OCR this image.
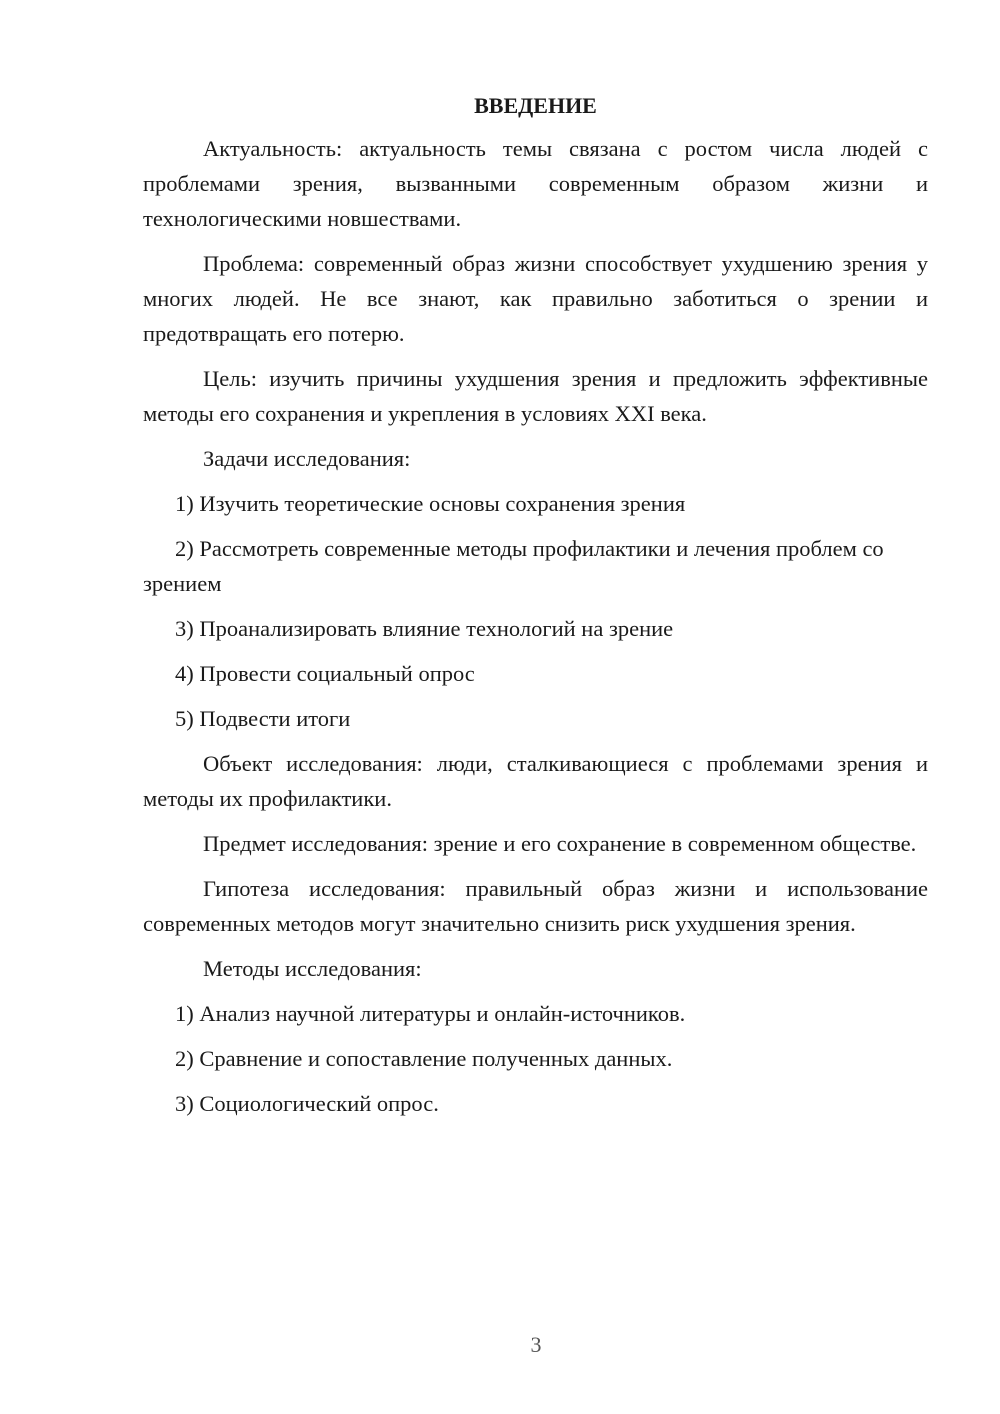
ВВЕДЕНИЕ

Актуальность: актуальность темы связана с ростом числа людей с проблемами зрения, вызванными современным образом жизни и технологическими новшествами.

Проблема: современный образ жизни способствует ухудшению зрения у многих людей. Не все знают, как правильно заботиться о зрении и предотвращать его потерю.

Цель: изучить причины ухудшения зрения и предложить эффективные методы его сохранения и укрепления в условиях XXI века.

Задачи исследования:

1) Изучить теоретические основы сохранения зрения

2) Рассмотреть современные методы профилактики и лечения проблем со зрением

3) Проанализировать влияние технологий на зрение

4) Провести социальный опрос

5) Подвести итоги

Объект исследования: люди, сталкивающиеся с проблемами зрения и методы их профилактики.

Предмет исследования: зрение и его сохранение в современном обществе.

Гипотеза исследования: правильный образ жизни и использование современных методов могут значительно снизить риск ухудшения зрения.

Методы исследования:

1) Анализ научной литературы и онлайн-источников.

2) Сравнение и сопоставление полученных данных.

3) Социологический опрос.

3
